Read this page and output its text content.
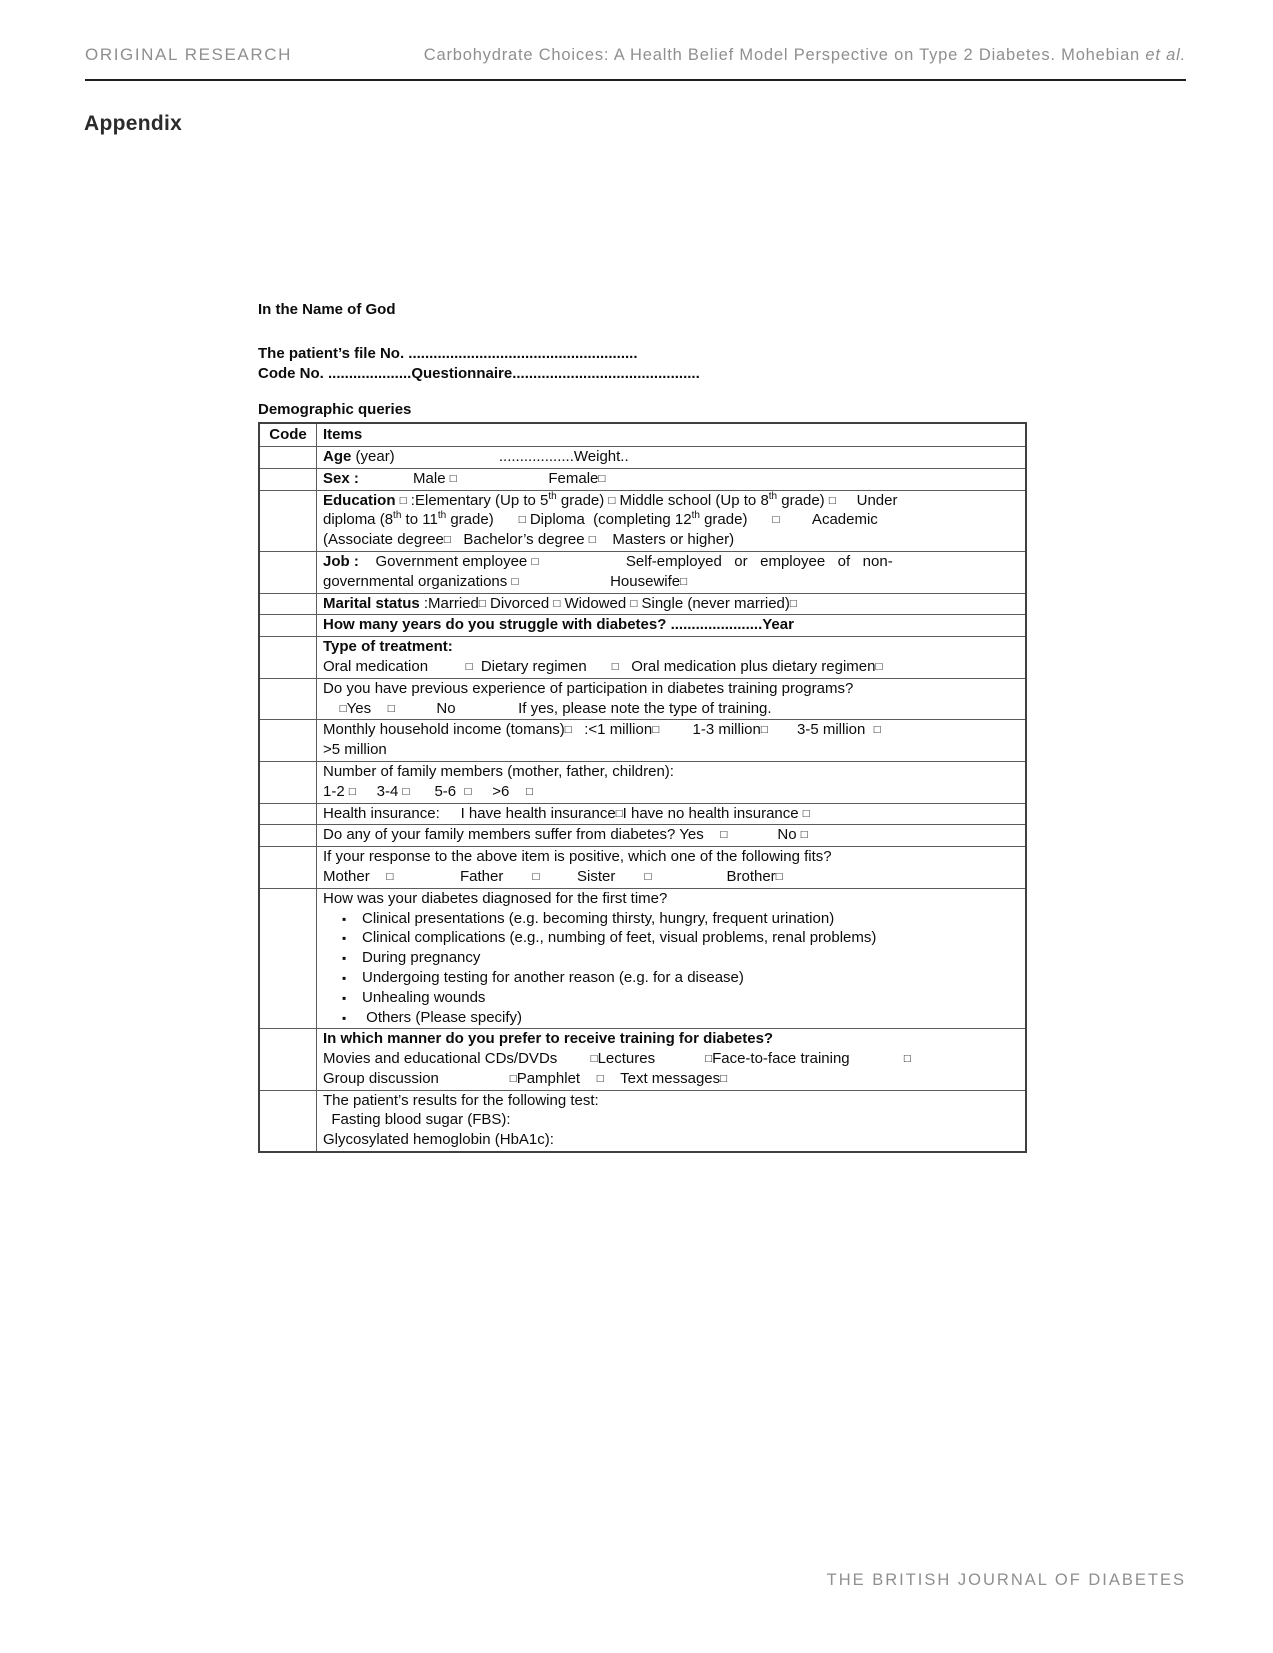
ORIGINAL RESEARCH	Carbohydrate Choices: A Health Belief Model Perspective on Type 2 Diabetes. Mohebian et al.
Appendix

In the Name of God

The patient’s file No. .......................................................

Code No. ....................Questionnaire.............................................

Demographic queries

Code	Items

	Age (year)                         ..................Weight..

	Sex :             Male □                      Female□

	Education □ :Elementary (Up to 5th grade) □ Middle school (Up to 8th grade) □     Under
diploma (8th to 11th grade)      □ Diploma  (completing 12th grade)      □        Academic
(Associate degree□   Bachelor’s degree □    Masters or higher)

	Job :    Government employee □                     Self-employed   or   employee   of   non-
governmental organizations □                      Housewife□

	Marital status :Married□ Divorced □ Widowed □ Single (never married)□

	How many years do you struggle with diabetes? ......................Year

	Type of treatment:
Oral medication         □  Dietary regimen      □   Oral medication plus dietary regimen□

	Do you have previous experience of participation in diabetes training programs?
□Yes    □          No               If yes, please note the type of training.

	Monthly household income (tomans)□   :<1 million□        1-3 million□       3-5 million  □
>5 million

	Number of family members (mother, father, children):
1-2 □     3-4 □      5-6  □     >6    □

	Health insurance:     I have health insurance□I have no health insurance □

	Do any of your family members suffer from diabetes? Yes    □            No □

	If your response to the above item is positive, which one of the following fits?
Mother    □                Father       □         Sister       □                  Brother□

How was your diabetes diagnosed for the first time?
▪ Clinical presentations (e.g. becoming thirsty, hungry, frequent urination)
▪ Clinical complications (e.g., numbing of feet, visual problems, renal problems)
▪ During pregnancy
▪ Undergoing testing for another reason (e.g. for a disease)
▪ Unhealing wounds
▪  Others (Please specify)

	In which manner do you prefer to receive training for diabetes?
Movies and educational CDs/DVDs        □Lectures            □Face-to-face training             □
Group discussion                 □Pamphlet    □    Text messages□

	The patient’s results for the following test:
Fasting blood sugar (FBS):
Glycosylated hemoglobin (HbA1c):
THE BRITISH JOURNAL OF DIABETES
